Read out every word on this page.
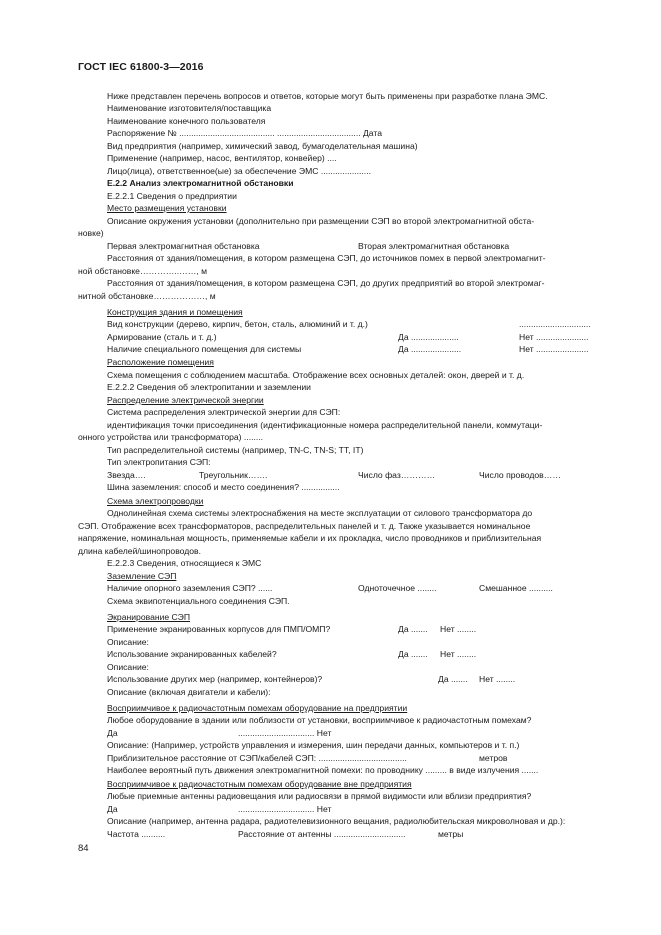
ГОСТ IEC 61800-3—2016
Ниже представлен перечень вопросов и ответов, которые могут быть применены при разработке плана ЭМС.
Наименование изготовителя/поставщика
Наименование конечного пользователя
Распоряжение № ........................................ ................................... Дата
Вид предприятия (например, химический завод, бумагоделательная машина)
Применение (например, насос, вентилятор, конвейер) ....
Лицо(лица), ответственное(ые) за обеспечение ЭМС .....................
Е.2.2 Анализ электромагнитной обстановки
Е.2.2.1 Сведения о предприятии
Место размещения установки
Описание окружения установки (дополнительно при размещении СЭП во второй электромагнитной обста-
новке)
Первая электромагнитная обстановка	Вторая электромагнитная обстановка
Расстояния от здания/помещения, в котором размещена СЭП, до источников помех в первой электромагнит-
ной обстановке…………..……, м
Расстояния от здания/помещения, в котором размещена СЭП, до других предприятий во второй электромаг-
нитной обстановке………………, м
Конструкция здания и помещения
Вид конструкции (дерево, кирпич, бетон, сталь, алюминий и т. д.)	..............................
Армирование (сталь и т. д.)	Да ....................	Нет ......................
Наличие специального помещения для системы	Да .....................	Нет ......................
Расположение помещения
Схема помещения с соблюдением масштаба. Отображение всех основных деталей: окон, дверей и т. д.
Е.2.2.2 Сведения об электропитании и заземлении
Распределение электрической энергии
Система распределения электрической энергии для СЭП:
идентификация точки присоединения (идентификационные номера распределительной панели, коммутаци-
онного устройства или трансформатора) ........
Тип распределительной системы (например, TN-C, TN-S; TT, IT)
Тип электропитания СЭП:
Звезда….	Треугольник…….	Число фаз…………	Число проводов……
Шина заземления: способ и место соединения? ................
Схема электропроводки
Однолинейная схема системы электроснабжения на месте эксплуатации от силового трансформатора до
СЭП. Отображение всех трансформаторов, распределительных панелей и т. д. Также указывается номинальное
напряжение, номинальная мощность, применяемые кабели и их прокладка, число проводников и приблизительная
длина кабелей/шинопроводов.
Е.2.2.3 Сведения, относящиеся к ЭМС
Заземление СЭП
Наличие опорного заземления СЭП? ......	Одноточечное ........	Смешанное ..........
Схема эквипотенциального соединения СЭП.
Экранирование СЭП
Применение экранированных корпусов для ПМП/ОМП?	Да ....... Нет ........
Описание:
Использование экранированных кабелей?	Да ....... Нет ........
Описание:
Использование других мер (например, контейнеров)?	Да ....... Нет ........
Описание (включая двигатели и кабели):
Восприимчивое к радиочастотным помехам оборудование на предприятии
Любое оборудование в здании или поблизости от установки, восприимчивое к радиочастотным помехам?
Да	................................ Нет
Описание: (Например, устройств управления и измерения, шин передачи данных, компьютеров и т. п.)
Приблизительное расстояние от СЭП/кабелей СЭП: .....................................	метров
Наиболее вероятный путь движения электромагнитной помехи: по проводнику ......... в виде излучения .......
Восприимчивое к радиочастотным помехам оборудование вне предприятия
Любые приемные антенны радиовещания или радиосвязи в прямой видимости или вблизи предприятия?
Да	................................ Нет
Описание (например, антенна радара, радиотелевизионного вещания, радиолюбительская микроволновая и др.):
Частота ..........	Расстояние от антенны ..............................	метры
84
